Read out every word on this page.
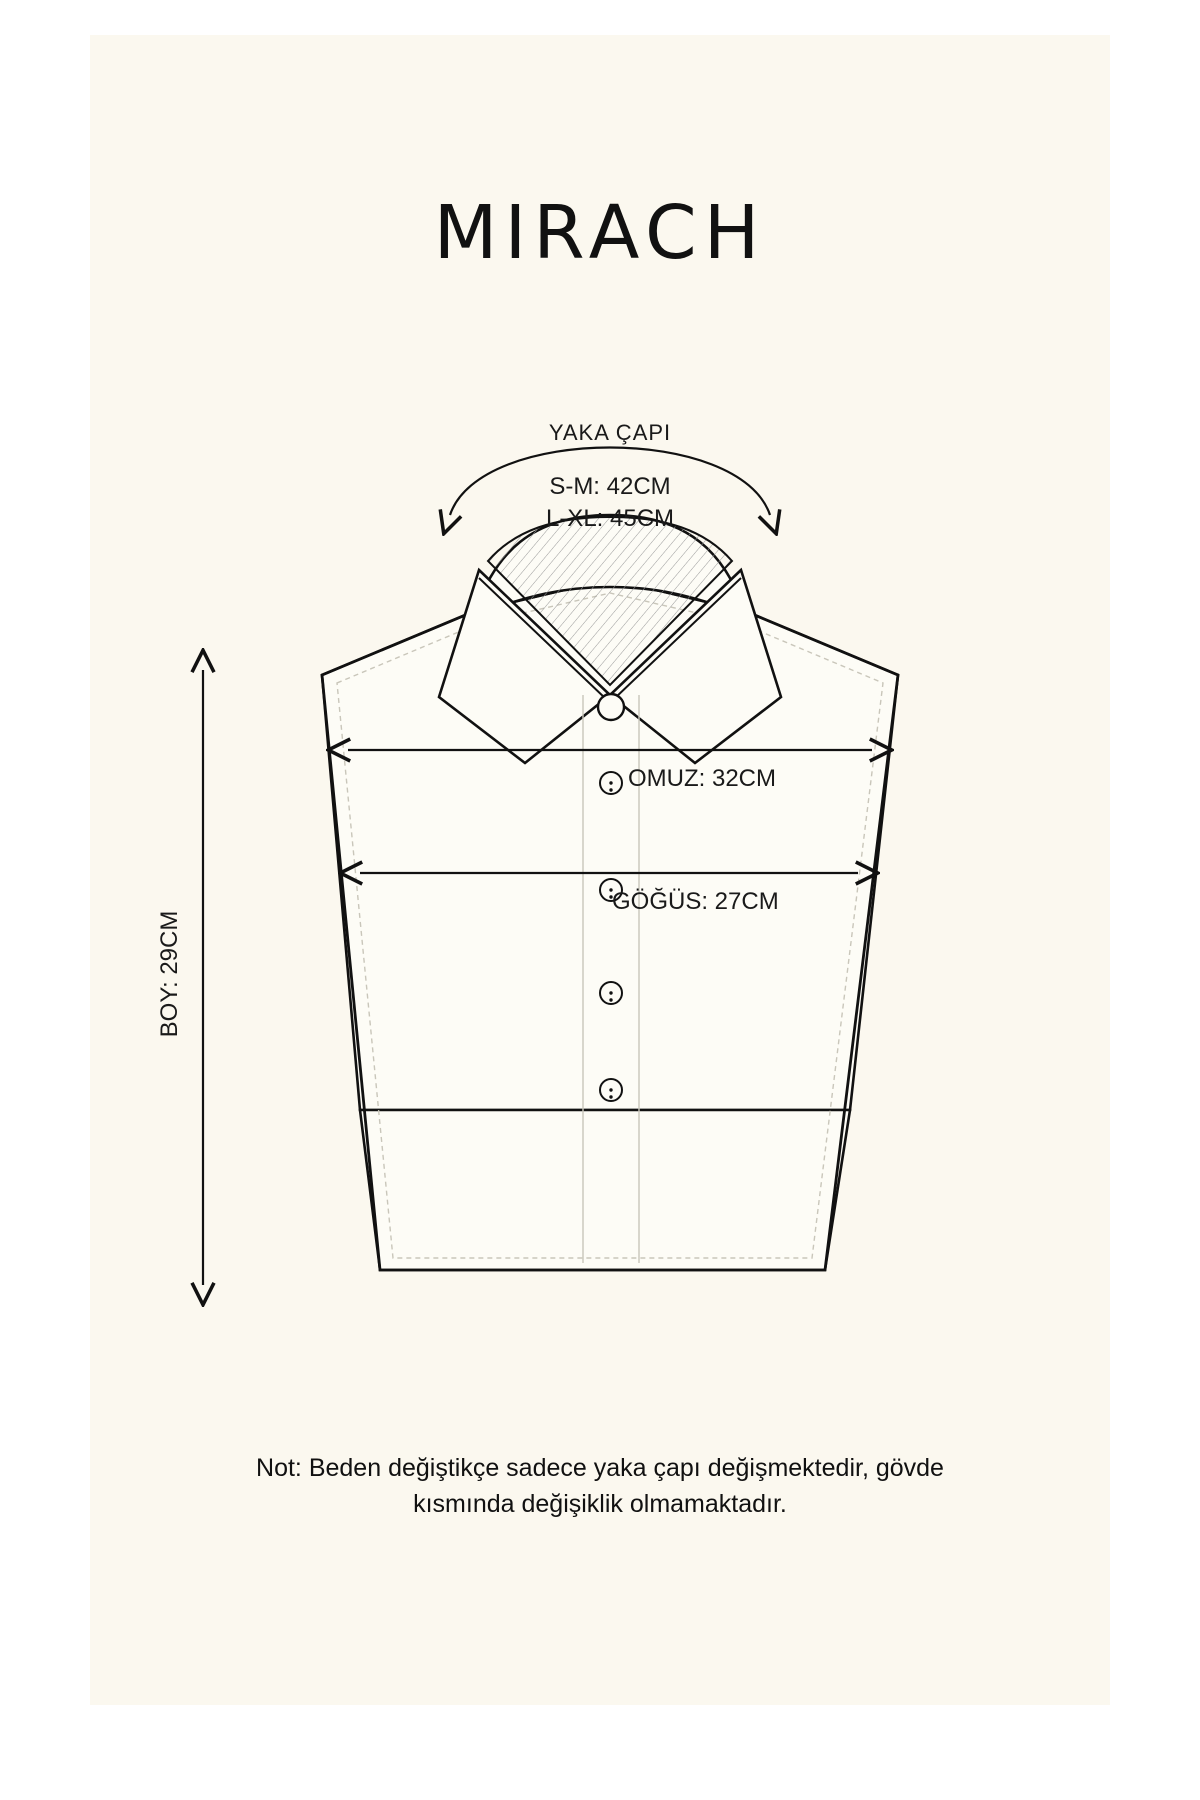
MIRACH
YAKA ÇAPI
S-M: 42CM
L-XL: 45CM
OMUZ: 32CM
GÖĞÜS: 27CM
BOY: 29CM
Not: Beden değiştikçe sadece yaka çapı değişmektedir, gövde
kısmında değişiklik olmamaktadır.
